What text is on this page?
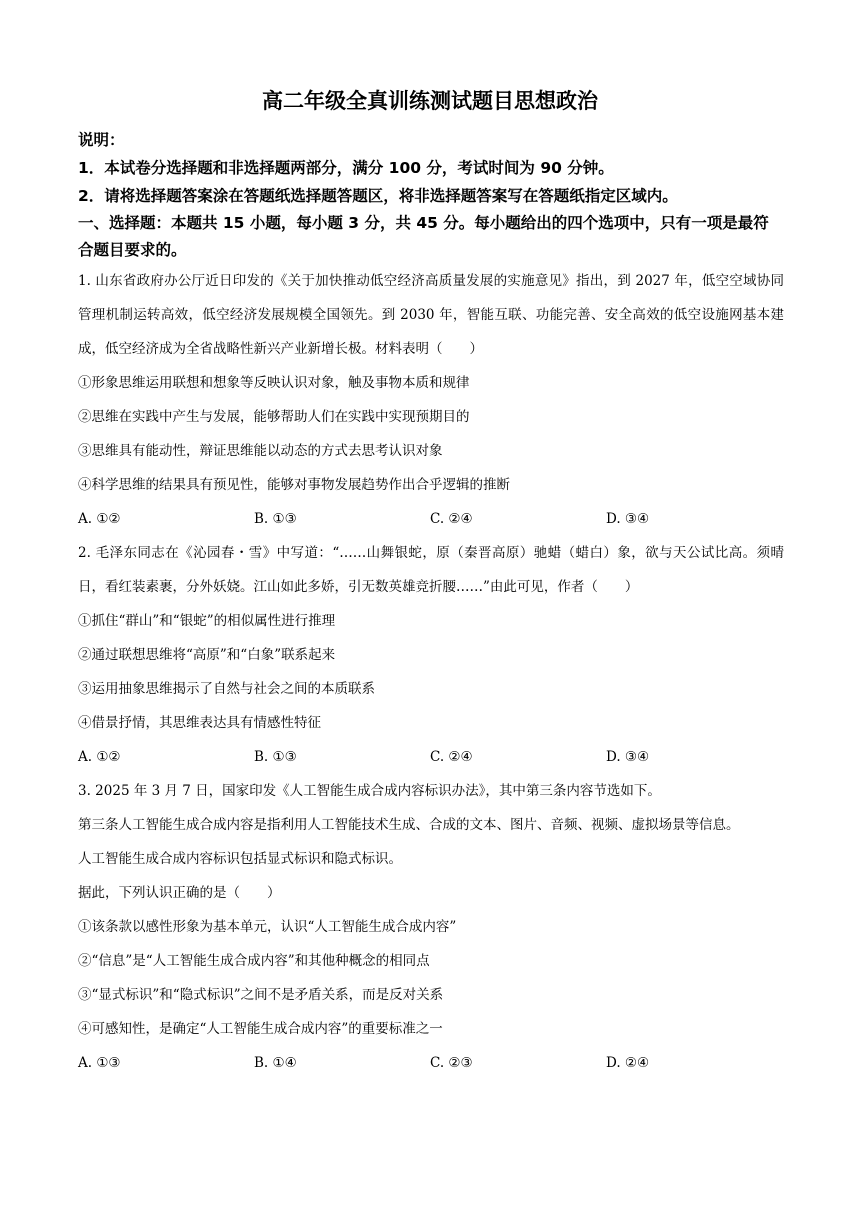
高二年级全真训练测试题目思想政治

说明：

1．本试卷分选择题和非选择题两部分，满分 100 分，考试时间为 90 分钟。

2．请将选择题答案涂在答题纸选择题答题区，将非选择题答案写在答题纸指定区域内。

一、选择题：本题共 15 小题，每小题 3 分，共 45 分。每小题给出的四个选项中，只有一项是最符合题目要求的。

1. 山东省政府办公厅近日印发的《关于加快推动低空经济高质量发展的实施意见》指出，到 2027 年，低空空域协同管理机制运转高效，低空经济发展规模全国领先。到 2030 年，智能互联、功能完善、安全高效的低空设施网基本建成，低空经济成为全省战略性新兴产业新增长极。材料表明（　　）

①形象思维运用联想和想象等反映认识对象，触及事物本质和规律

②思维在实践中产生与发展，能够帮助人们在实践中实现预期目的

③思维具有能动性，辩证思维能以动态的方式去思考认识对象

④科学思维的结果具有预见性，能够对事物发展趋势作出合乎逻辑的推断

A. ①②	B. ①③	C. ②④	D. ③④

2. 毛泽东同志在《沁园春・雪》中写道：“……山舞银蛇，原（秦晋高原）驰蜡（蜡白）象，欲与天公试比高。须晴日，看红装素裹，分外妖娆。江山如此多娇，引无数英雄竞折腰……”由此可见，作者（　　）

①抓住“群山”和“银蛇”的相似属性进行推理

②通过联想思维将“高原”和“白象”联系起来

③运用抽象思维揭示了自然与社会之间的本质联系

④借景抒情，其思维表达具有情感性特征

A. ①②	B. ①③	C. ②④	D. ③④

3. 2025 年 3 月 7 日，国家印发《人工智能生成合成内容标识办法》，其中第三条内容节选如下。

第三条人工智能生成合成内容是指利用人工智能技术生成、合成的文本、图片、音频、视频、虚拟场景等信息。

人工智能生成合成内容标识包括显式标识和隐式标识。

据此，下列认识正确的是（　　）

①该条款以感性形象为基本单元，认识“人工智能生成合成内容”

②“信息”是“人工智能生成合成内容”和其他种概念的相同点

③“显式标识”和“隐式标识”之间不是矛盾关系，而是反对关系

④可感知性，是确定“人工智能生成合成内容”的重要标准之一

A. ①③	B. ①④	C. ②③	D. ②④
